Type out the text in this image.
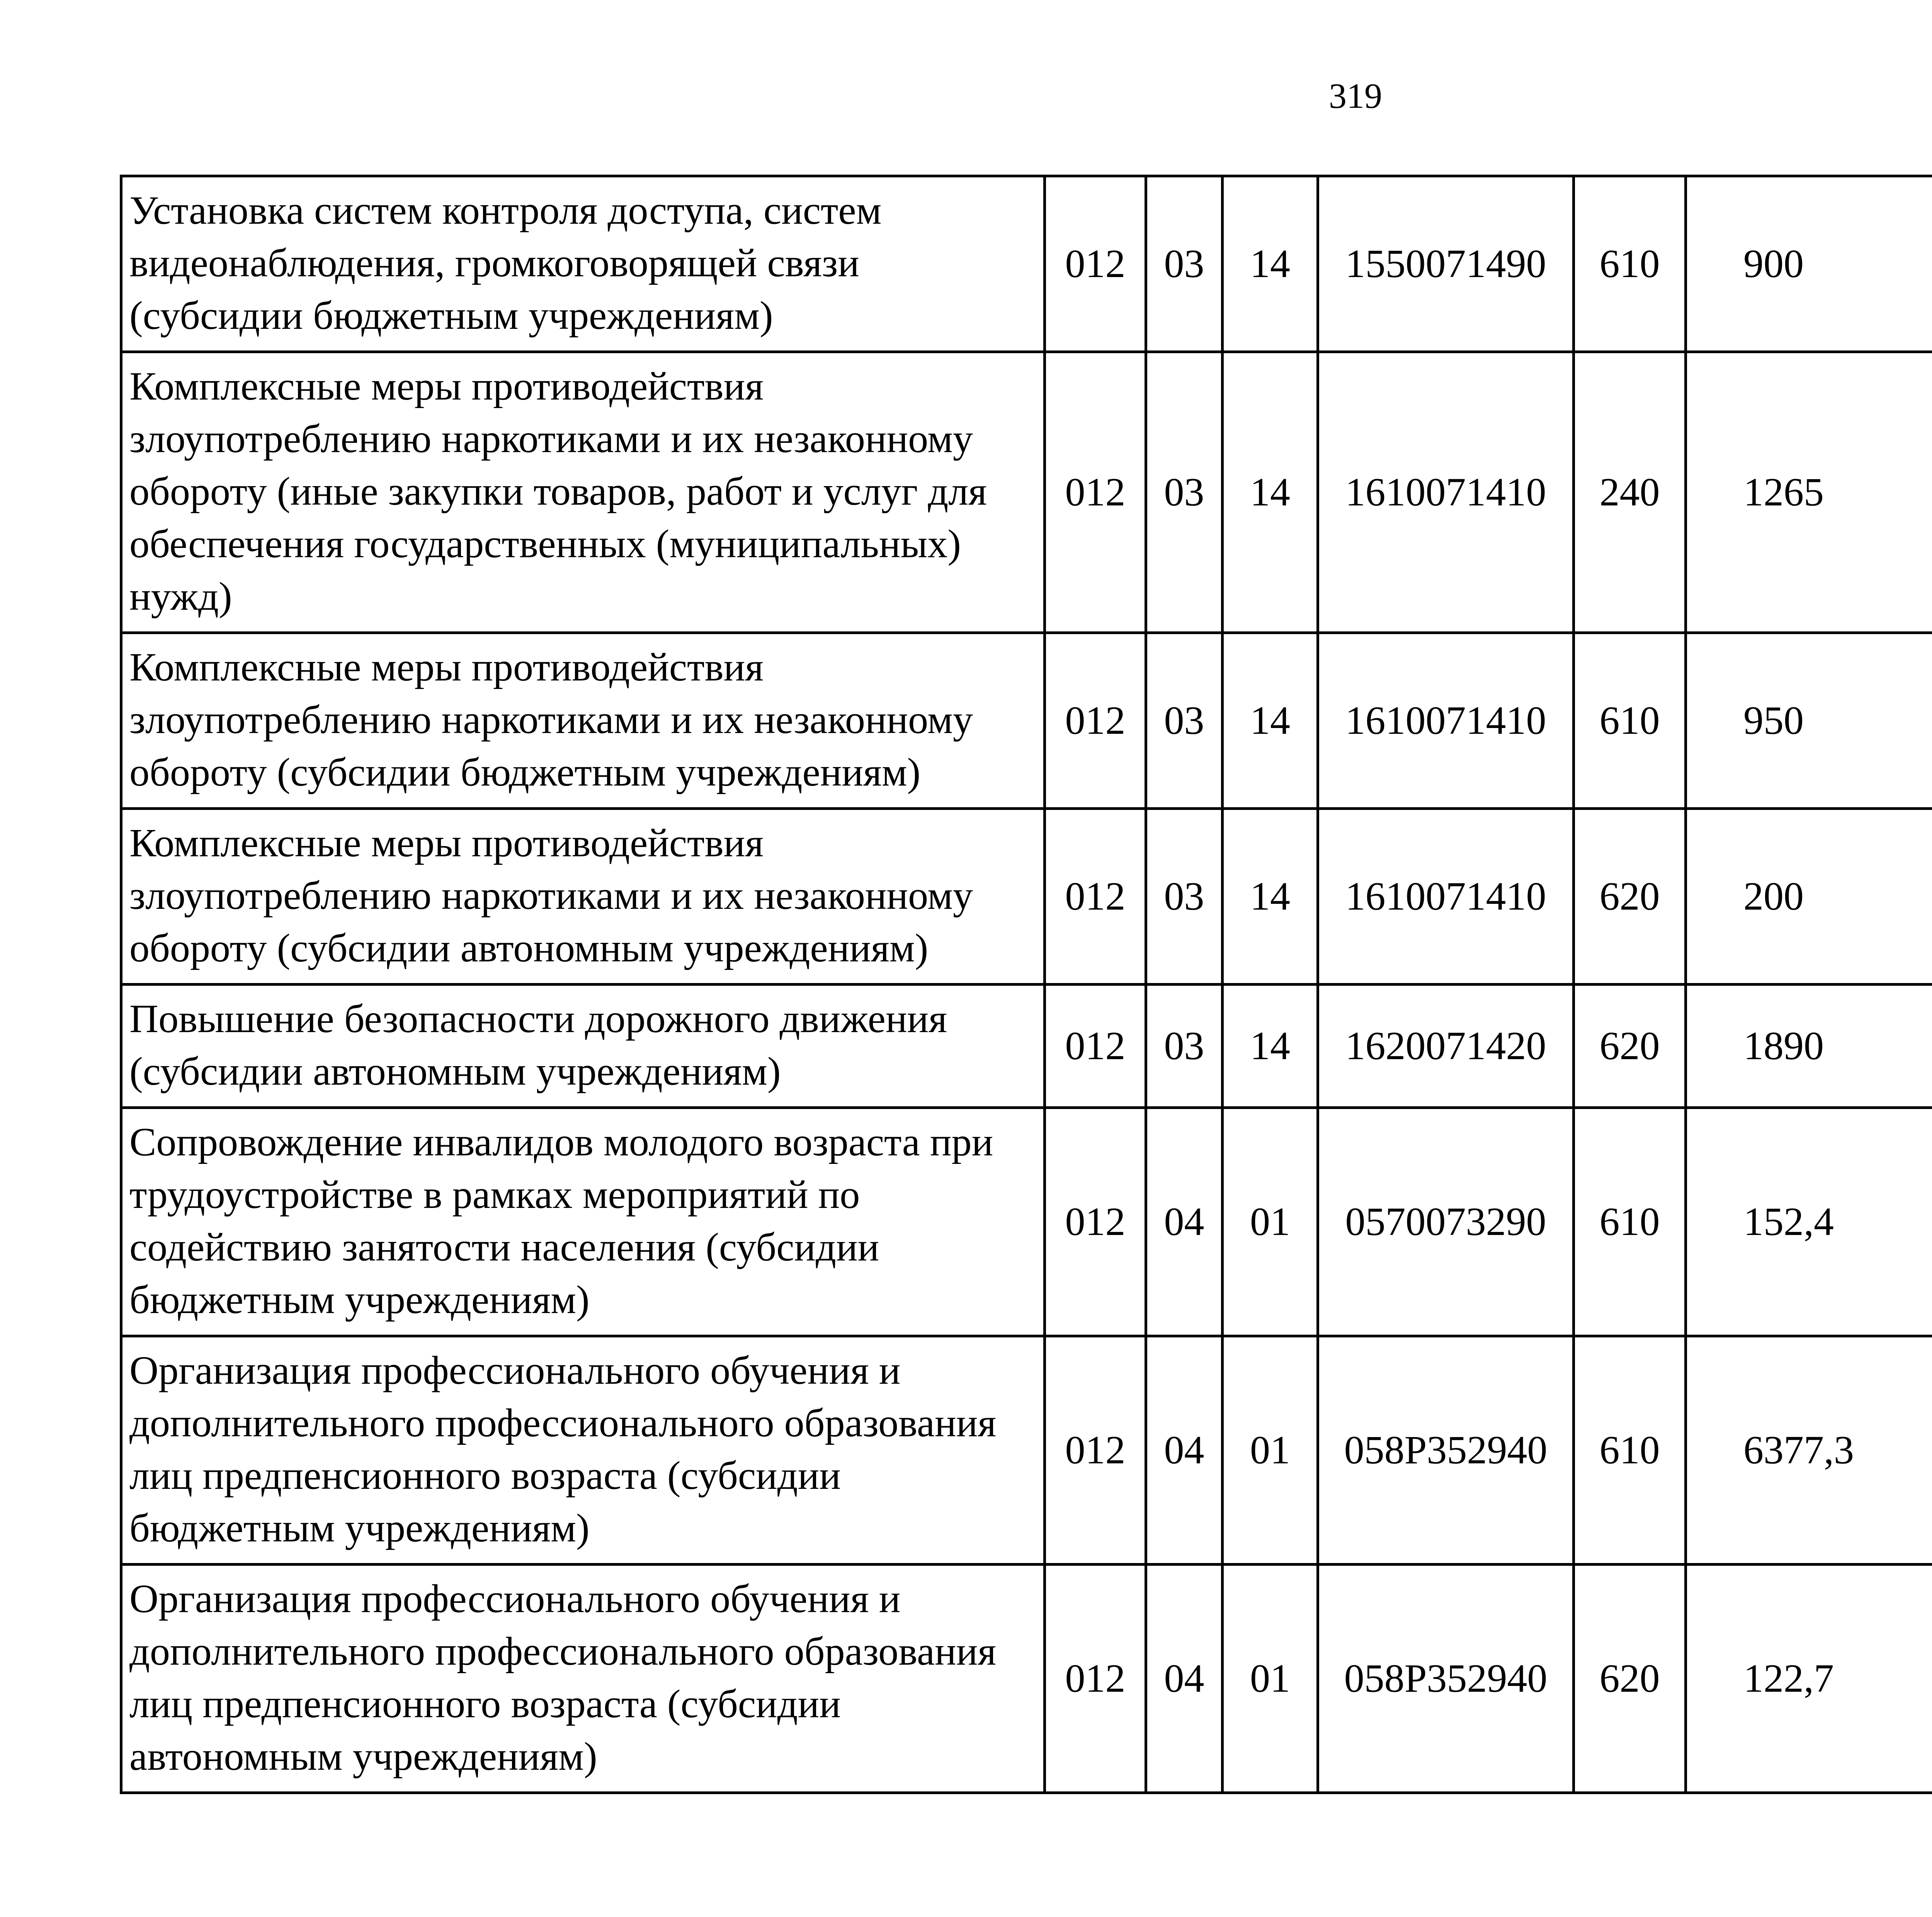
319
Установка систем контроля доступа, систем видеонаблюдения, громкоговорящей связи (субсидии бюджетным учреждениям)	012	03	14	1550071490	610	900		
Комплексные меры противодействия злоупотреблению наркотиками и их незаконному обороту (иные закупки товаров, работ и услуг для обеспечения государственных (муниципальных) нужд)	012	03	14	1610071410	240	1265		
Комплексные меры противодействия злоупотреблению наркотиками и их незаконному обороту (субсидии бюджетным учреждениям)	012	03	14	1610071410	610	950		
Комплексные меры противодействия злоупотреблению наркотиками и их незаконному обороту (субсидии автономным учреждениям)	012	03	14	1610071410	620	200		
Повышение безопасности дорожного движения (субсидии автономным учреждениям)	012	03	14	1620071420	620	1890		
Сопровождение инвалидов молодого возраста при трудоустройстве в рамках мероприятий по содействию занятости населения (субсидии бюджетным учреждениям)	012	04	01	0570073290	610	152,4		
Организация профессионального обучения и дополнительного профессионального образования лиц предпенсионного возраста (субсидии бюджетным учреждениям)	012	04	01	058P352940	610	6377,3		
Организация профессионального обучения и дополнительного профессионального образования лиц предпенсионного возраста (субсидии автономным учреждениям)	012	04	01	058P352940	620	122,7		
